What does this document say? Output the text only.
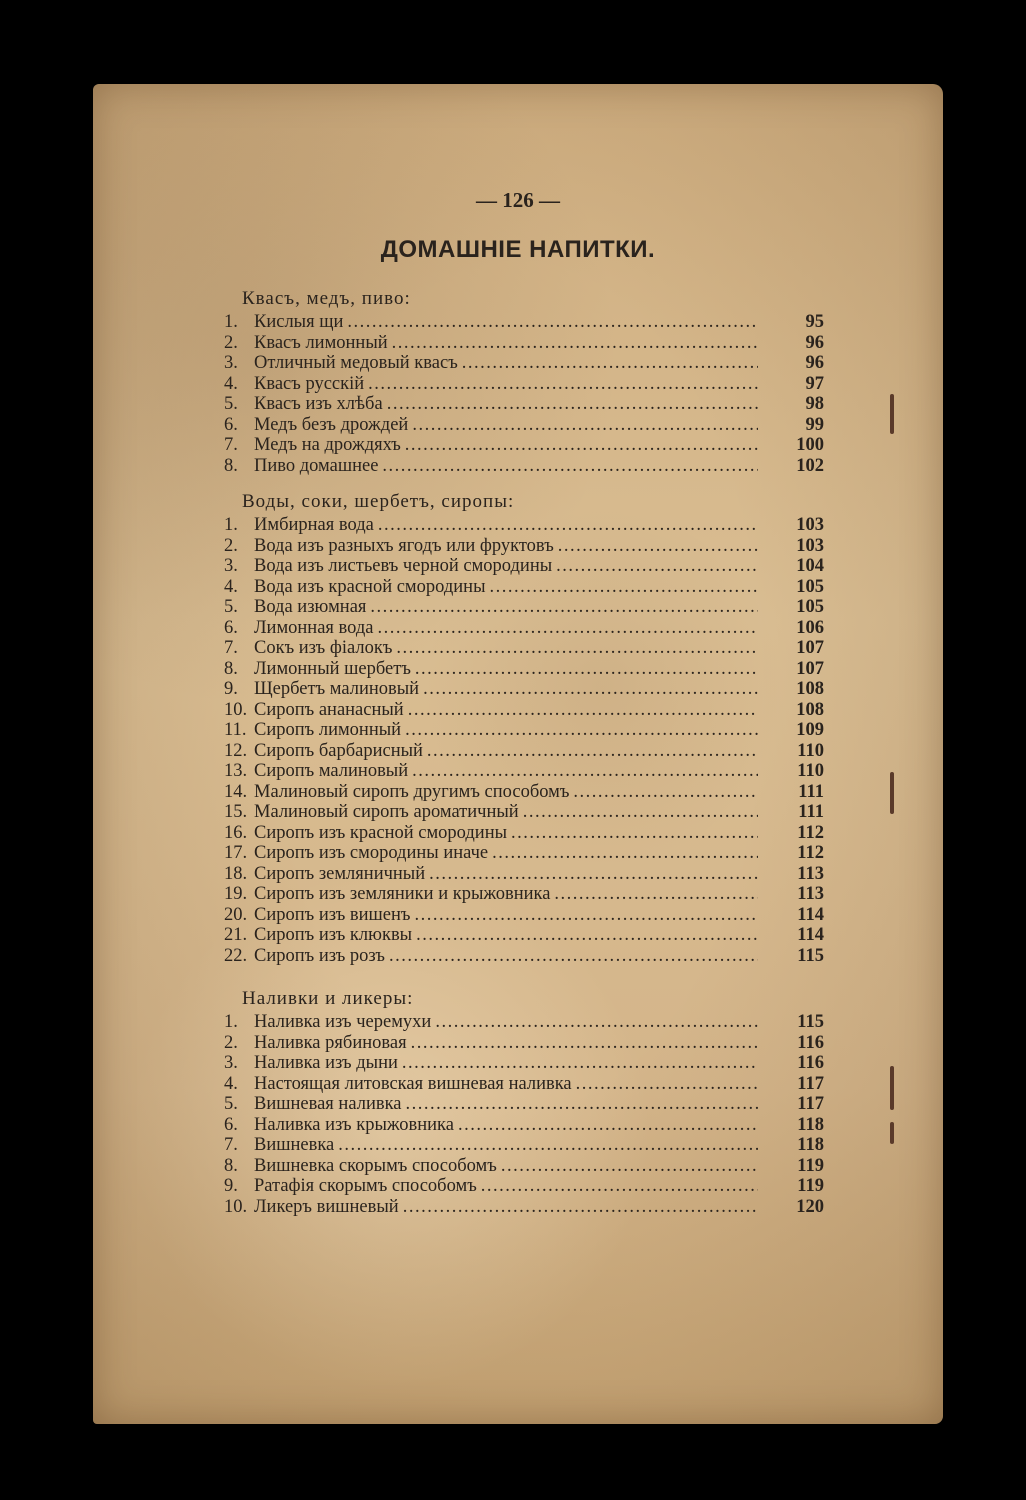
— 126 —
ДОМАШНІЕ НАПИТКИ.
Квасъ, медъ, пиво:
1. Кислыя щи .....	95
2. Квасъ лимонный .....	96
3. Отличный медовый квасъ .....	96
4. Квасъ русскій .....	97
5. Квасъ изъ хлѣба .....	98
6. Медъ безъ дрождей .....	99
7. Медъ на дрождяхъ .....	100
8. Пиво домашнее .....	102
Воды, соки, шербетъ, сиропы:
1. Имбирная вода .....	103
2. Вода изъ разныхъ ягодъ или фруктовъ .....	103
3. Вода изъ листьевъ черной смородины .....	104
4. Вода изъ красной смородины .....	105
5. Вода изюмная .....	105
6. Лимонная вода .....	106
7. Сокъ изъ фіалокъ .....	107
8. Лимонный шербетъ .....	107
9. Щербетъ малиновый .....	108
10. Сиропъ ананасный .....	108
11. Сиропъ лимонный .....	109
12. Сиропъ барбарисный .....	110
13. Сиропъ малиновый .....	110
14. Малиновый сиропъ другимъ способомъ .....	111
15. Малиновый сиропъ ароматичный .....	111
16. Сиропъ изъ красной смородины .....	112
17. Сиропъ изъ смородины иначе .....	112
18. Сиропъ земляничный .....	113
19. Сиропъ изъ земляники и крыжовника .....	113
20. Сиропъ изъ вишенъ .....	114
21. Сиропъ изъ клюквы .....	114
22. Сиропъ изъ розъ .....	115
Наливки и ликеры:
1. Наливка изъ черемухи .....	115
2. Наливка рябиновая .....	116
3. Наливка изъ дыни .....	116
4. Настоящая литовская вишневая наливка .....	117
5. Вишневая наливка .....	117
6. Наливка изъ крыжовника .....	118
7. Вишневка .....	118
8. Вишневка скорымъ способомъ .....	119
9. Ратафія скорымъ способомъ .....	119
10. Ликеръ вишневый .....	120
